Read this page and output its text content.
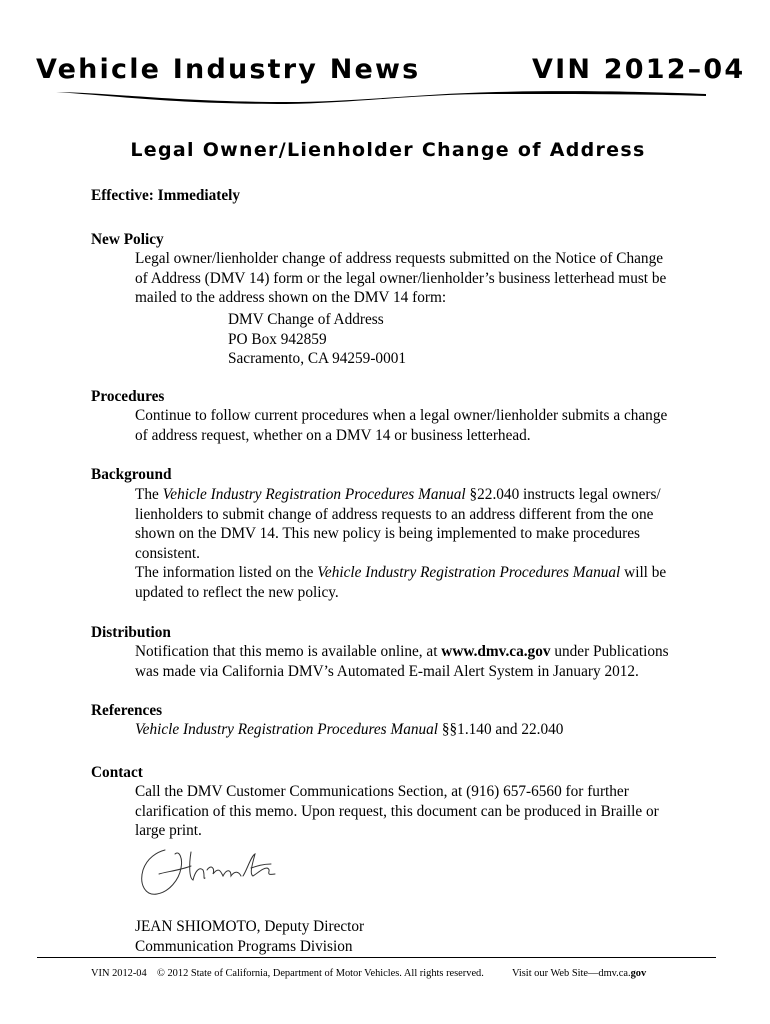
Vehicle Industry News	VIN 2012–04
Legal Owner/Lienholder Change of Address
Effective: Immediately
New Policy
Legal owner/lienholder change of address requests submitted on the Notice of Change
of Address (DMV 14) form or the legal owner/lienholder’s business letterhead must be
mailed to the address shown on the DMV 14 form:
DMV Change of Address
PO Box 942859
Sacramento, CA 94259-0001
Procedures
Continue to follow current procedures when a legal owner/lienholder submits a change
of address request, whether on a DMV 14 or business letterhead.
Background
The Vehicle Industry Registration Procedures Manual §22.040 instructs legal owners/
lienholders to submit change of address requests to an address different from the one
shown on the DMV 14. This new policy is being implemented to make procedures
consistent.
The information listed on the Vehicle Industry Registration Procedures Manual will be
updated to reflect the new policy.
Distribution
Notification that this memo is available online, at www.dmv.ca.gov under Publications
was made via California DMV’s Automated E-mail Alert System in January 2012.
References
Vehicle Industry Registration Procedures Manual §§1.140 and 22.040
Contact
Call the DMV Customer Communications Section, at (916) 657-6560 for further
clarification of this memo. Upon request, this document can be produced in Braille or
large print.
JEAN SHIOMOTO, Deputy Director
Communication Programs Division
VIN 2012-04 © 2012 State of California, Department of Motor Vehicles. All rights reserved.	Visit our Web Site—dmv.ca.gov
